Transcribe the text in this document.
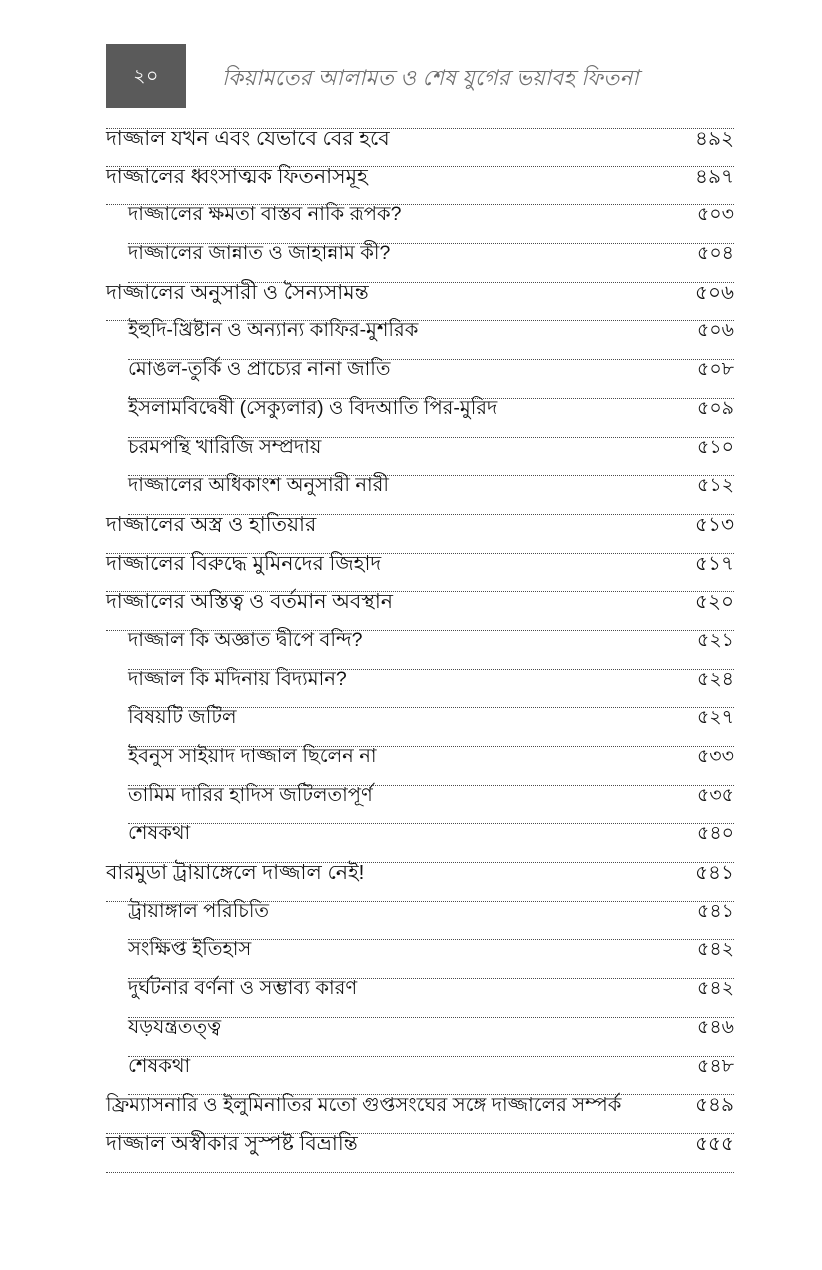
২০	কিয়ামতের আলামত ও শেষ যুগের ভয়াবহ ফিতনা
দাজ্জাল যখন এবং যেভাবে বের হবে	৪৯২
দাজ্জালের ধ্বংসাত্মক ফিতনাসমূহ	৪৯৭
দাজ্জালের ক্ষমতা বাস্তব নাকি রূপক?	৫০৩
দাজ্জালের জান্নাত ও জাহান্নাম কী?	৫০৪
দাজ্জালের অনুসারী ও সৈন্যসামন্ত	৫০৬
ইহুদি-খ্রিষ্টান ও অন্যান্য কাফির-মুশরিক	৫০৬
মোঙল-তুর্কি ও প্রাচ্যের নানা জাতি	৫০৮
ইসলামবিদ্বেষী (সেক্যুলার) ও বিদআতি পির-মুরিদ	৫০৯
চরমপন্থি খারিজি সম্প্রদায়	৫১০
দাজ্জালের অধিকাংশ অনুসারী নারী	৫১২
দাজ্জালের অস্ত্র ও হাতিয়ার	৫১৩
দাজ্জালের বিরুদ্ধে মুমিনদের জিহাদ	৫১৭
দাজ্জালের অস্তিত্ব ও বর্তমান অবস্থান	৫২০
দাজ্জাল কি অজ্ঞাত দ্বীপে বন্দি?	৫২১
দাজ্জাল কি মদিনায় বিদ্যমান?	৫২৪
বিষয়টি জটিল	৫২৭
ইবনুস সাইয়াদ দাজ্জাল ছিলেন না	৫৩৩
তামিম দারির হাদিস জটিলতাপূর্ণ	৫৩৫
শেষকথা	৫৪০
বারমুডা ট্রায়াঙ্গেলে দাজ্জাল নেই!	৫৪১
ট্রায়াঙ্গাল পরিচিতি	৫৪১
সংক্ষিপ্ত ইতিহাস	৫৪২
দুর্ঘটনার বর্ণনা ও সম্ভাব্য কারণ	৫৪২
যড়যন্ত্রতত্ত্ব	৫৪৬
শেষকথা	৫৪৮
ফ্রিম্যাসনারি ও ইলুমিনাতির মতো গুপ্তসংঘের সঙ্গে দাজ্জালের সম্পর্ক	৫৪৯
দাজ্জাল অস্বীকার সুস্পষ্ট বিভ্রান্তি	৫৫৫
